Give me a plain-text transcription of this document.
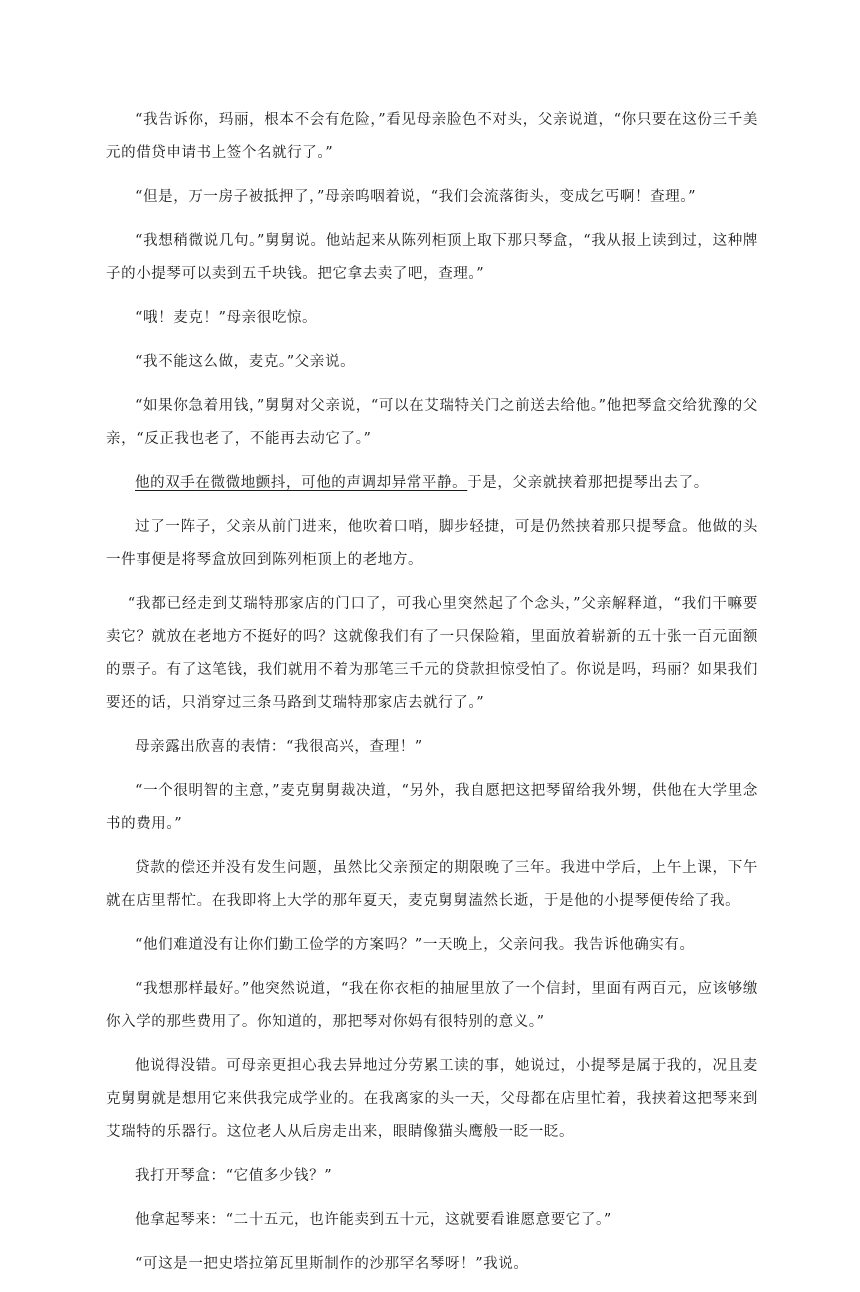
“我告诉你，玛丽，根本不会有危险，”看见母亲脸色不对头，父亲说道，“你只要在这份三千美元的借贷申请书上签个名就行了。”

“但是，万一房子被抵押了，”母亲呜咽着说，“我们会流落街头，变成乞丐啊！查理。”

“我想稍微说几句。”舅舅说。他站起来从陈列柜顶上取下那只琴盒，“我从报上读到过，这种牌子的小提琴可以卖到五千块钱。把它拿去卖了吧，查理。”

“哦！麦克！”母亲很吃惊。

“我不能这么做，麦克。”父亲说。

“如果你急着用钱，”舅舅对父亲说，“可以在艾瑞特关门之前送去给他。”他把琴盒交给犹豫的父亲，“反正我也老了，不能再去动它了。”

他的双手在微微地颤抖，可他的声调却异常平静。于是，父亲就挟着那把提琴出去了。

过了一阵子，父亲从前门进来，他吹着口哨，脚步轻捷，可是仍然挟着那只提琴盒。他做的头一件事便是将琴盒放回到陈列柜顶上的老地方。

“我都已经走到艾瑞特那家店的门口了，可我心里突然起了个念头，”父亲解释道，“我们干嘛要卖它？就放在老地方不挺好的吗？这就像我们有了一只保险箱，里面放着崭新的五十张一百元面额的票子。有了这笔钱，我们就用不着为那笔三千元的贷款担惊受怕了。你说是吗，玛丽？如果我们要还的话，只消穿过三条马路到艾瑞特那家店去就行了。”

母亲露出欣喜的表情：“我很高兴，查理！”

“一个很明智的主意，”麦克舅舅裁决道，“另外，我自愿把这把琴留给我外甥，供他在大学里念书的费用。”

贷款的偿还并没有发生问题，虽然比父亲预定的期限晚了三年。我进中学后，上午上课，下午就在店里帮忙。在我即将上大学的那年夏天，麦克舅舅溘然长逝，于是他的小提琴便传给了我。

“他们难道没有让你们勤工俭学的方案吗？”一天晚上，父亲问我。我告诉他确实有。

“我想那样最好。”他突然说道，“我在你衣柜的抽屉里放了一个信封，里面有两百元，应该够缴你入学的那些费用了。你知道的，那把琴对你妈有很特别的意义。”

他说得没错。可母亲更担心我去异地过分劳累工读的事，她说过，小提琴是属于我的，况且麦克舅舅就是想用它来供我完成学业的。在我离家的头一天，父母都在店里忙着，我挟着这把琴来到艾瑞特的乐器行。这位老人从后房走出来，眼睛像猫头鹰般一眨一眨。

我打开琴盒：“它值多少钱？”

他拿起琴来：“二十五元，也许能卖到五十元，这就要看谁愿意要它了。”

“可这是一把史塔拉第瓦里斯制作的沙那罕名琴呀！”我说。
